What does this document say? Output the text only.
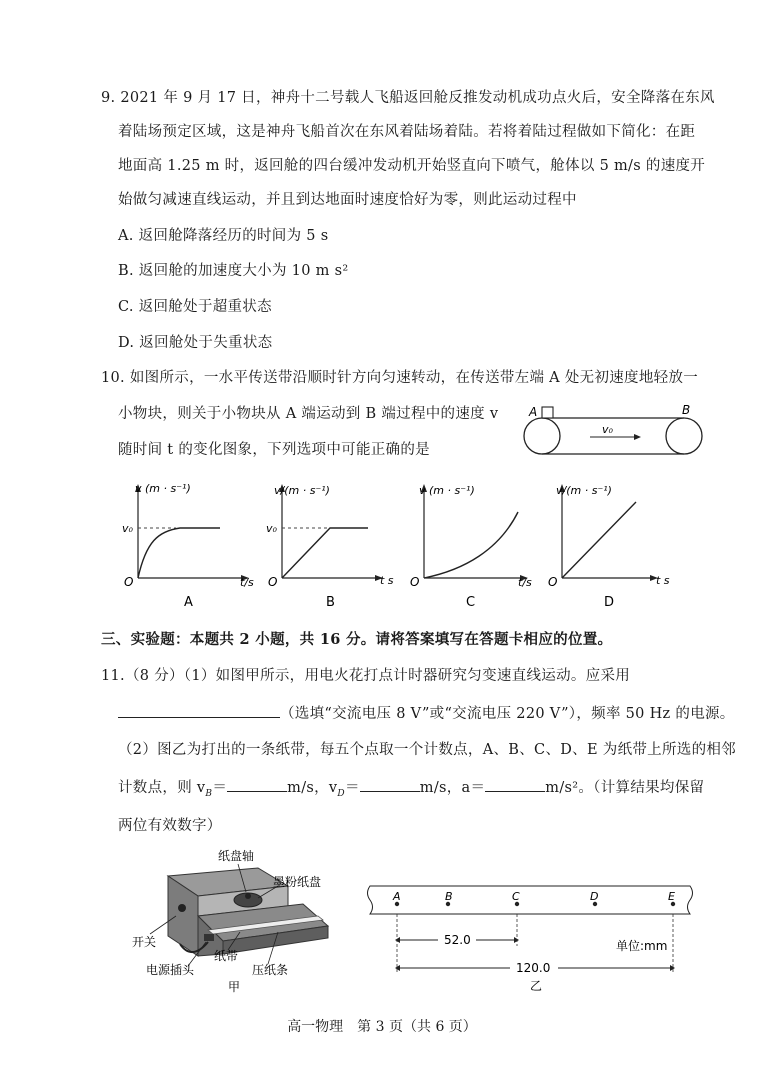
9. 2021 年 9 月 17 日，神舟十二号载人飞船返回舱反推发动机成功点火后，安全降落在东风
着陆场预定区域，这是神舟飞船首次在东风着陆场着陆。若将着陆过程做如下简化：在距
地面高 1.25 m 时，返回舱的四台缓冲发动机开始竖直向下喷气，舱体以 5 m/s 的速度开
始做匀减速直线运动，并且到达地面时速度恰好为零，则此运动过程中
A. 返回舱降落经历的时间为 5 s
B. 返回舱的加速度大小为 10 m s²
C. 返回舱处于超重状态
D. 返回舱处于失重状态
10. 如图所示，一水平传送带沿顺时针方向匀速转动，在传送带左端 A 处无初速度地轻放一
小物块，则关于小物块从 A 端运动到 B 端过程中的速度 v
随时间 t 的变化图象，下列选项中可能正确的是
A	B
v₀
v (m · s⁻¹)
v₀
O	t/s
A
v/(m · s⁻¹)
v₀
O	t s
B
v (m · s⁻¹)
O	t/s
C
v/(m · s⁻¹)
O	t s
D
三、实验题：本题共 2 小题，共 16 分。请将答案填写在答题卡相应的位置。
11.（8 分）（1）如图甲所示，用电火花打点计时器研究匀变速直线运动。应采用
（选填“交流电压 8 V”或“交流电压 220 V”），频率 50 Hz 的电源。
（2）图乙为打出的一条纸带，每五个点取一个计数点，A、B、C、D、E 为纸带上所选的相邻
计数点，则 $v_B=$	m/s，$v_D=$	m/s，a＝	m/s²。（计算结果均保留
两位有效数字）
纸盘轴
墨粉纸盘
开关
纸带
电源插头	压纸条
甲
A	B	C	D	E
52.0
120.0
单位:mm
乙
高一物理　第 3 页（共 6 页）
